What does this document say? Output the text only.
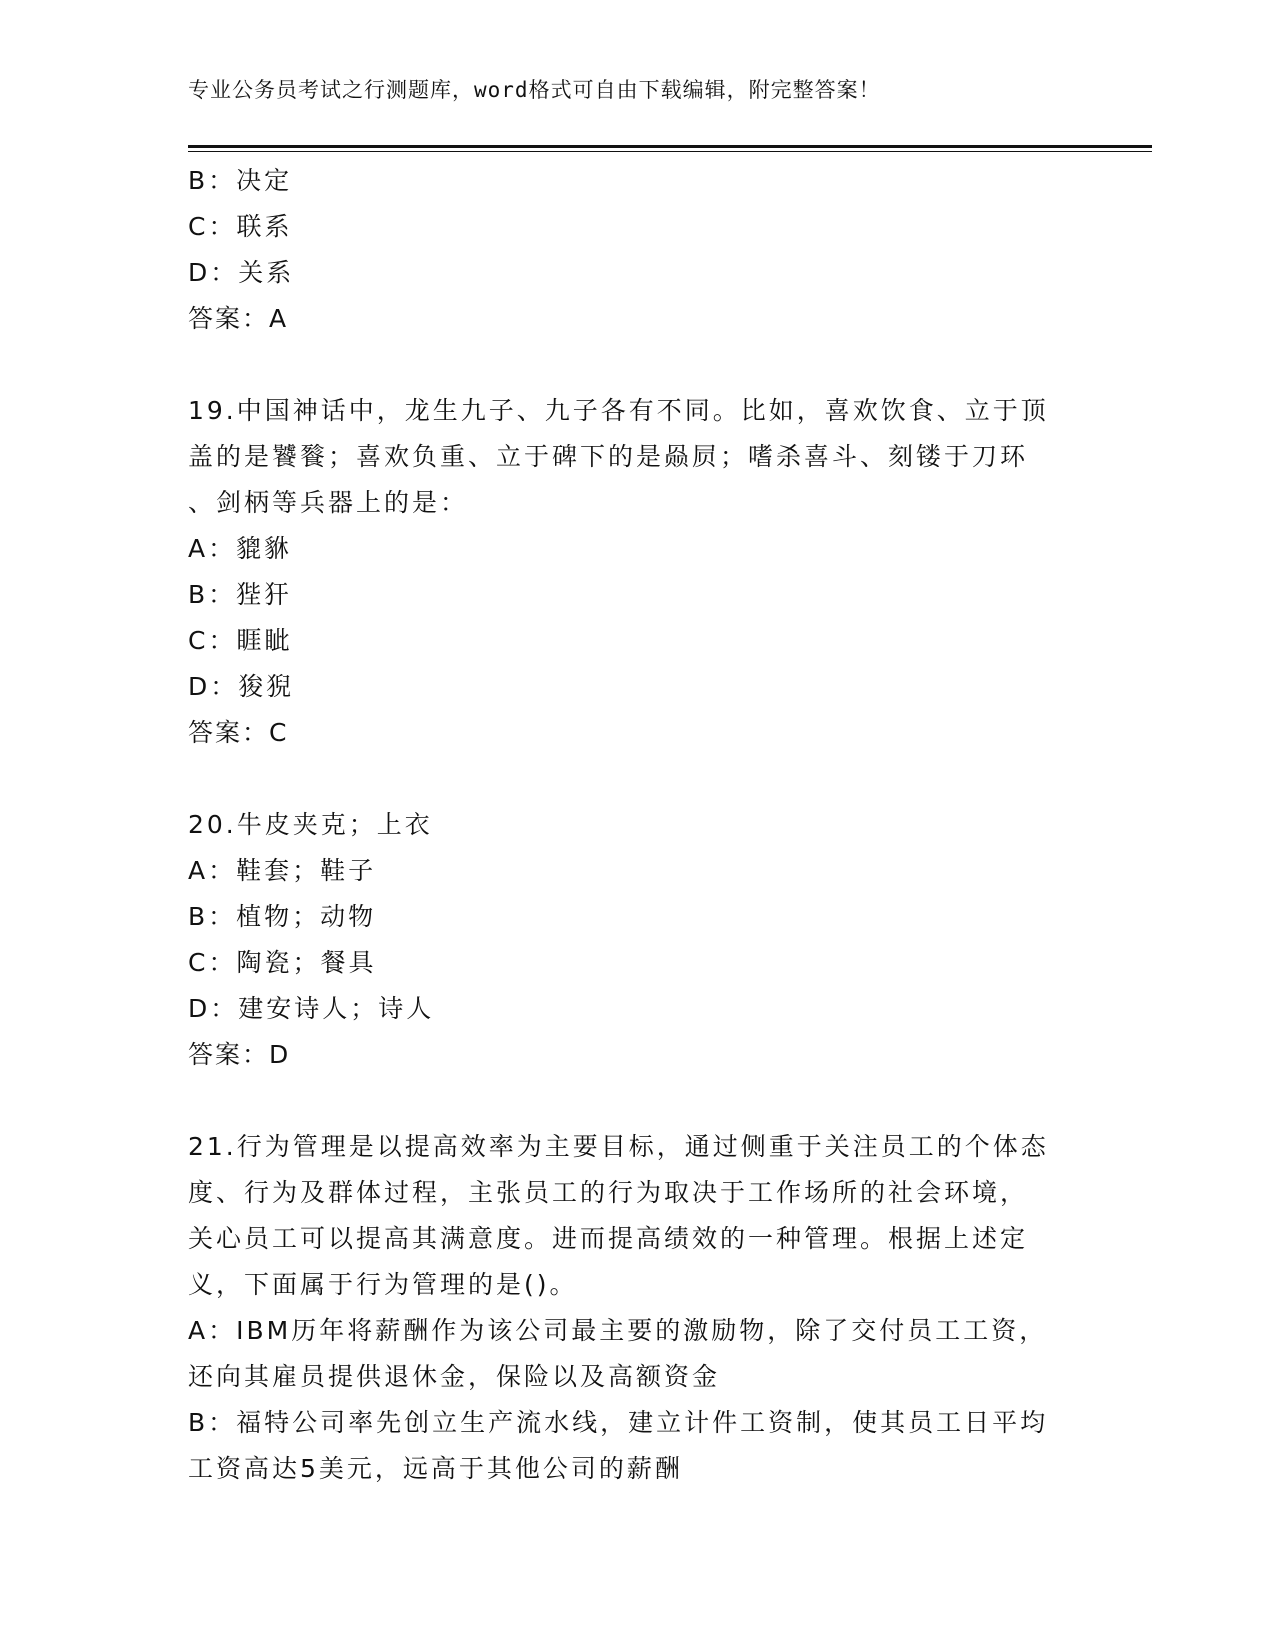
专业公务员考试之行测题库，word格式可自由下载编辑，附完整答案！
B：决定
C：联系
D：关系
答案：A
19.中国神话中，龙生九子、九子各有不同。比如，喜欢饮食、立于顶
盖的是饕餮；喜欢负重、立于碑下的是赑屃；嗜杀喜斗、刻镂于刀环
、剑柄等兵器上的是：
A：貔貅
B：狴犴
C：睚眦
D：狻猊
答案：C
20.牛皮夹克；上衣
A：鞋套；鞋子
B：植物；动物
C：陶瓷；餐具
D：建安诗人；诗人
答案：D
21.行为管理是以提高效率为主要目标，通过侧重于关注员工的个体态
度、行为及群体过程，主张员工的行为取决于工作场所的社会环境，
关心员工可以提高其满意度。进而提高绩效的一种管理。根据上述定
义，下面属于行为管理的是()。
A：IBM历年将薪酬作为该公司最主要的激励物，除了交付员工工资，
还向其雇员提供退休金，保险以及高额资金
B：福特公司率先创立生产流水线，建立计件工资制，使其员工日平均
工资高达5美元，远高于其他公司的薪酬
